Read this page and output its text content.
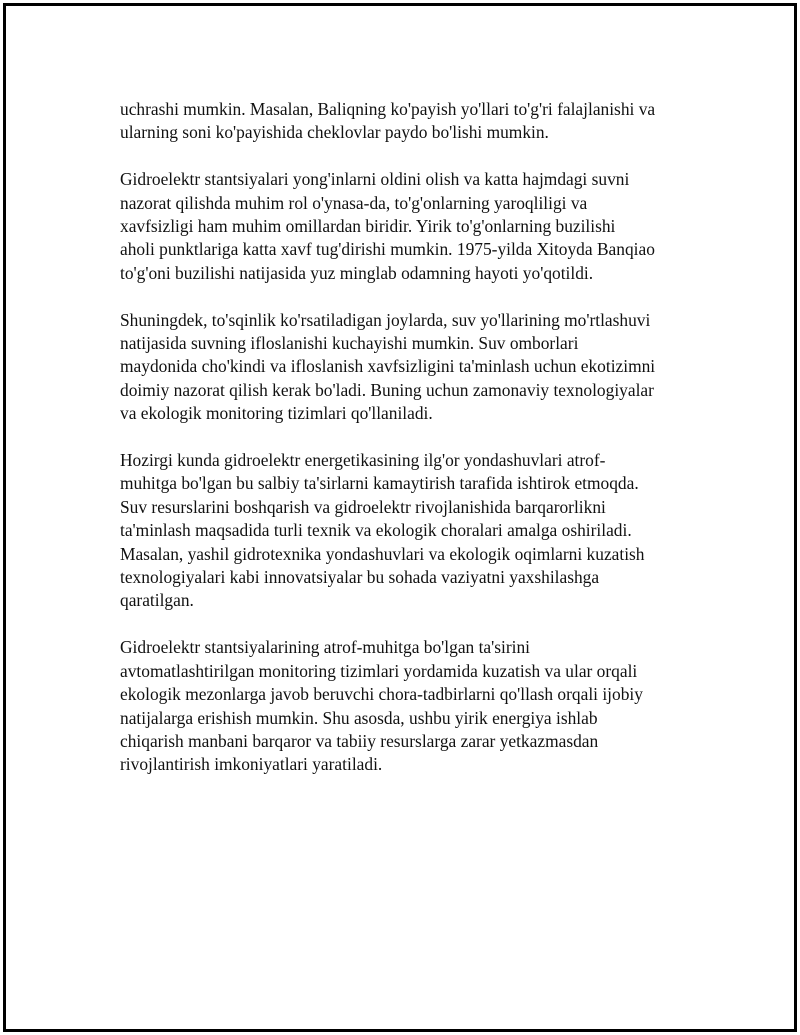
uchrashi mumkin. Masalan, Baliqning ko'payish yo'llari to'g'ri falajlanishi va
ularning soni ko'payishida cheklovlar paydo bo'lishi mumkin.

Gidroelektr stantsiyalari yong'inlarni oldini olish va katta hajmdagi suvni
nazorat qilishda muhim rol o'ynasa-da, to'g'onlarning yaroqliligi va
xavfsizligi ham muhim omillardan biridir. Yirik to'g'onlarning buzilishi
aholi punktlariga katta xavf tug'dirishi mumkin. 1975-yilda Xitoyda Banqiao
to'g'oni buzilishi natijasida yuz minglab odamning hayoti yo'qotildi.

Shuningdek, to'sqinlik ko'rsatiladigan joylarda, suv yo'llarining mo'rtlashuvi
natijasida suvning ifloslanishi kuchayishi mumkin. Suv omborlari
maydonida cho'kindi va ifloslanish xavfsizligini ta'minlash uchun ekotizimni
doimiy nazorat qilish kerak bo'ladi. Buning uchun zamonaviy texnologiyalar
va ekologik monitoring tizimlari qo'llaniladi.

Hozirgi kunda gidroelektr energetikasining ilg'or yondashuvlari atrof-
muhitga bo'lgan bu salbiy ta'sirlarni kamaytirish tarafida ishtirok etmoqda.
Suv resurslarini boshqarish va gidroelektr rivojlanishida barqarorlikni
ta'minlash maqsadida turli texnik va ekologik choralari amalga oshiriladi.
Masalan, yashil gidrotexnika yondashuvlari va ekologik oqimlarni kuzatish
texnologiyalari kabi innovatsiyalar bu sohada vaziyatni yaxshilashga
qaratilgan.

Gidroelektr stantsiyalarining atrof-muhitga bo'lgan ta'sirini
avtomatlashtirilgan monitoring tizimlari yordamida kuzatish va ular orqali
ekologik mezonlarga javob beruvchi chora-tadbirlarni qo'llash orqali ijobiy
natijalarga erishish mumkin. Shu asosda, ushbu yirik energiya ishlab
chiqarish manbani barqaror va tabiiy resurslarga zarar yetkazmasdan
rivojlantirish imkoniyatlari yaratiladi.
